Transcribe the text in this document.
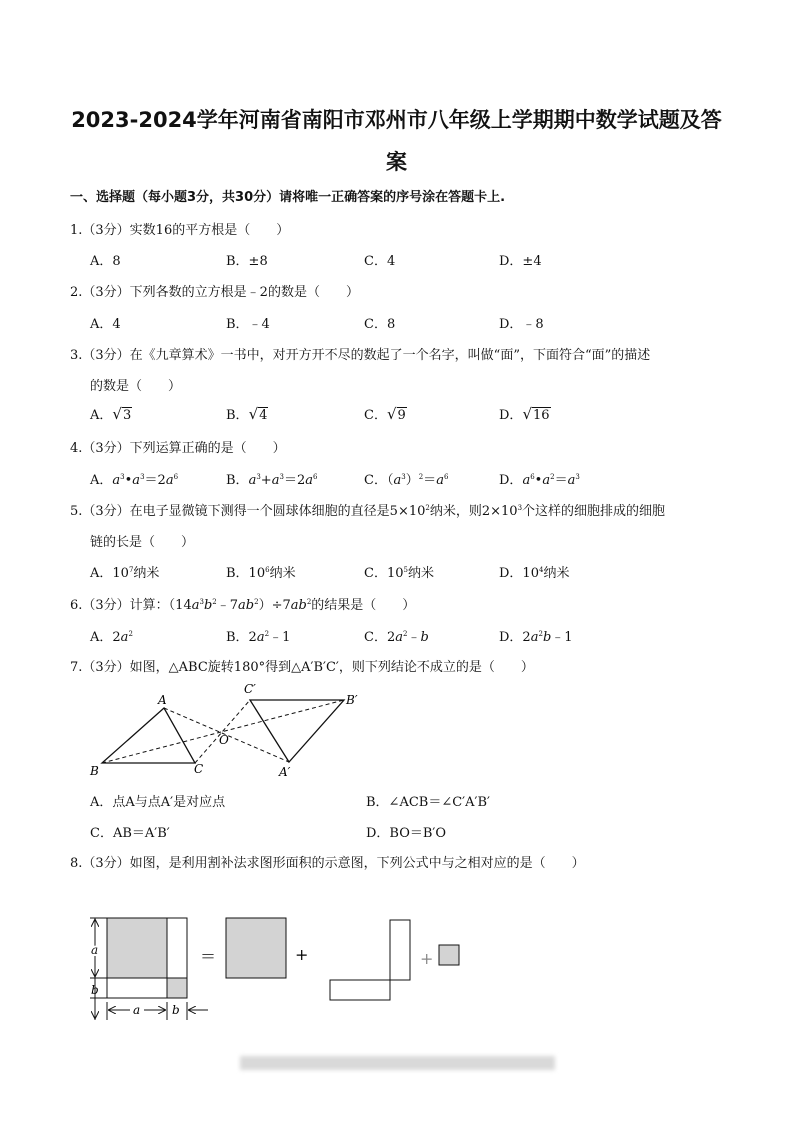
2023-2024学年河南省南阳市邓州市八年级上学期期中数学试题及答
案
一、选择题（每小题3分，共30分）请将唯一正确答案的序号涂在答题卡上.
1.（3分）实数16的平方根是（　　）
A．8	B．±8	C．4	D．±4
2.（3分）下列各数的立方根是﹣2的数是（　　）
A．4	B．﹣4	C．8	D．﹣8
3.（3分）在《九章算术》一书中，对开方开不尽的数起了一个名字，叫做“面”，下面符合“面”的描述
的数是（　　）
A．√3	B．√4	C．√9	D．√16
4.（3分）下列运算正确的是（　　）
A．$a^3•a^3=2a^6$	B．$a^3+a^3=2a^6$	C．$(a^3)^2=a^6$	D．$a^6•a^2=a^3$
5.（3分）在电子显微镜下测得一个圆球体细胞的直径是$5\times 10^2$纳米，则$2\times 10^3$个这样的细胞排成的细胞
链的长是（　　）
A．$10^7$纳米	B．$10^6$纳米	C．$10^5$纳米	D．$10^4$纳米
6.（3分）计算：$(14a^3b^2﹣7ab^2)\div 7ab^2$的结果是（　　）
A．$2a^2$	B．$2a^2﹣1$	C．$2a^2﹣b$	D．$2a^2b﹣1$
7.（3分）如图，△ABC旋转180°得到△A′B′C′，则下列结论不成立的是（　　）
A
B	C
O
A′
B′
C′
A．点A与点A′是对应点	B．∠ACB＝∠C′A′B′
C．AB＝A′B′	D．BO＝B′O
8.（3分）如图，是利用割补法求图形面积的示意图，下列公式中与之相对应的是（　　）
a
b
a	b
＝	+	+
